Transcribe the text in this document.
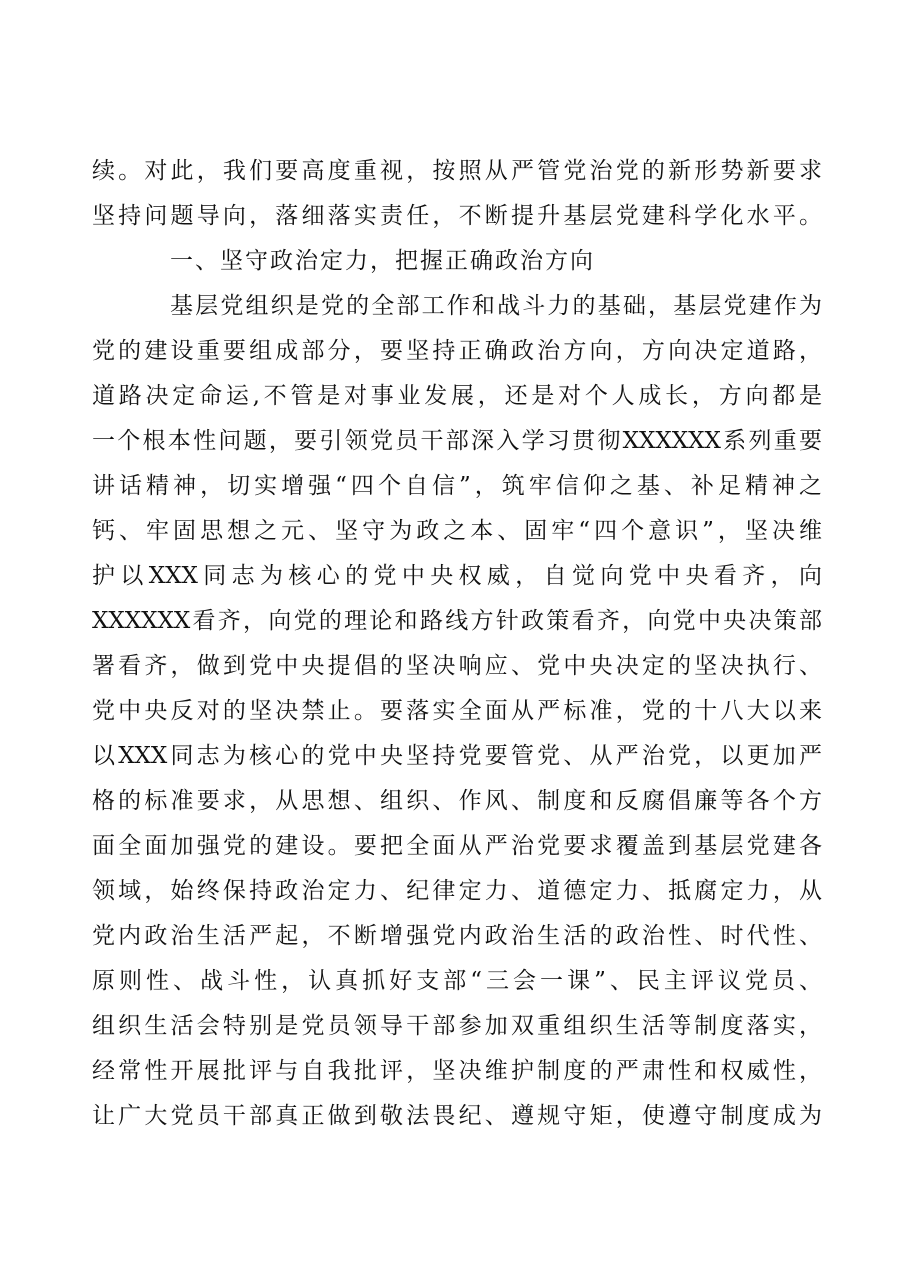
续。对此，我们要高度重视，按照从严管党治党的新形势新要求
坚持问题导向，落细落实责任，不断提升基层党建科学化水平。
一、坚守政治定力，把握正确政治方向
基层党组织是党的全部工作和战斗力的基础，基层党建作为
党的建设重要组成部分，要坚持正确政治方向，方向决定道路，
道路决定命运,不管是对事业发展，还是对个人成长，方向都是
一个根本性问题，要引领党员干部深入学习贯彻XXXXXX系列重要
讲话精神，切实增强“四个自信”，筑牢信仰之基、补足精神之
钙、牢固思想之元、坚守为政之本、固牢“四个意识”，坚决维
护以XXX同志为核心的党中央权威，自觉向党中央看齐，向
XXXXXX看齐，向党的理论和路线方针政策看齐，向党中央决策部
署看齐，做到党中央提倡的坚决响应、党中央决定的坚决执行、
党中央反对的坚决禁止。要落实全面从严标准，党的十八大以来
以XXX同志为核心的党中央坚持党要管党、从严治党，以更加严
格的标准要求，从思想、组织、作风、制度和反腐倡廉等各个方
面全面加强党的建设。要把全面从严治党要求覆盖到基层党建各
领域，始终保持政治定力、纪律定力、道德定力、抵腐定力，从
党内政治生活严起，不断增强党内政治生活的政治性、时代性、
原则性、战斗性，认真抓好支部“三会一课”、民主评议党员、
组织生活会特别是党员领导干部参加双重组织生活等制度落实，
经常性开展批评与自我批评，坚决维护制度的严肃性和权威性，
让广大党员干部真正做到敬法畏纪、遵规守矩，使遵守制度成为
